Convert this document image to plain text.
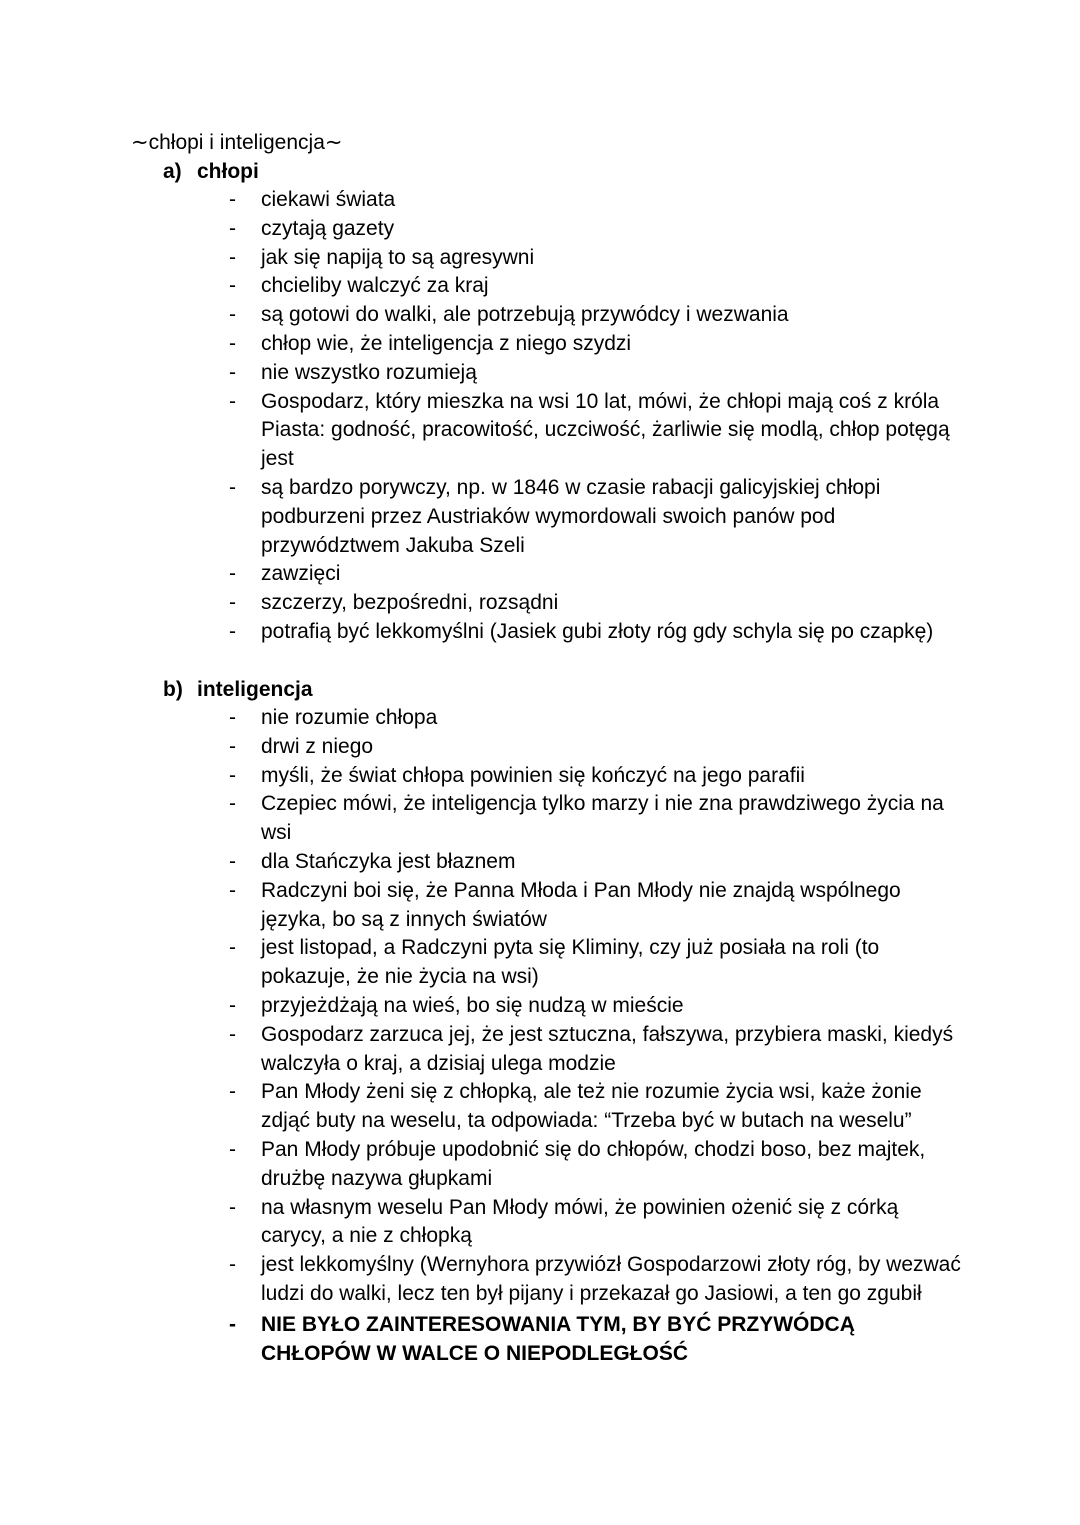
∼chłopi i inteligencja∼
a) chłopi
- ciekawi świata
- czytają gazety
- jak się napiją to są agresywni
- chcieliby walczyć za kraj
- są gotowi do walki, ale potrzebują przywódcy i wezwania
- chłop wie, że inteligencja z niego szydzi
- nie wszystko rozumieją
- Gospodarz, który mieszka na wsi 10 lat, mówi, że chłopi mają coś z króla Piasta: godność, pracowitość, uczciwość, żarliwie się modlą, chłop potęgą jest
- są bardzo porywczy, np. w 1846 w czasie rabacji galicyjskiej chłopi podburzeni przez Austriaków wymordowali swoich panów pod przywództwem Jakuba Szeli
- zawzięci
- szczerzy, bezpośredni, rozsądni
- potrafią być lekkomyślni (Jasiek gubi złoty róg gdy schyla się po czapkę)
b) inteligencja
- nie rozumie chłopa
- drwi z niego
- myśli, że świat chłopa powinien się kończyć na jego parafii
- Czepiec mówi, że inteligencja tylko marzy i nie zna prawdziwego życia na wsi
- dla Stańczyka jest błaznem
- Radczyni boi się, że Panna Młoda i Pan Młody nie znajdą wspólnego języka, bo są z innych światów
- jest listopad, a Radczyni pyta się Kliminy, czy już posiała na roli (to pokazuje, że nie życia na wsi)
- przyjeżdżają na wieś, bo się nudzą w mieście
- Gospodarz zarzuca jej, że jest sztuczna, fałszywa, przybiera maski, kiedyś walczyła o kraj, a dzisiaj ulega modzie
- Pan Młody żeni się z chłopką, ale też nie rozumie życia wsi, każe żonie zdjąć buty na weselu, ta odpowiada: “Trzeba być w butach na weselu”
- Pan Młody próbuje upodobnić się do chłopów, chodzi boso, bez majtek, drużbę nazywa głupkami
- na własnym weselu Pan Młody mówi, że powinien ożenić się z córką carycy, a nie z chłopką
- jest lekkomyślny (Wernyhora przywiózł Gospodarzowi złoty róg, by wezwać ludzi do walki, lecz ten był pijany i przekazał go Jasiowi, a ten go zgubił
- NIE BYŁO ZAINTERESOWANIA TYM, BY BYĆ PRZYWÓDCĄ CHŁOPÓW W WALCE O NIEPODLEGŁOŚĆ
